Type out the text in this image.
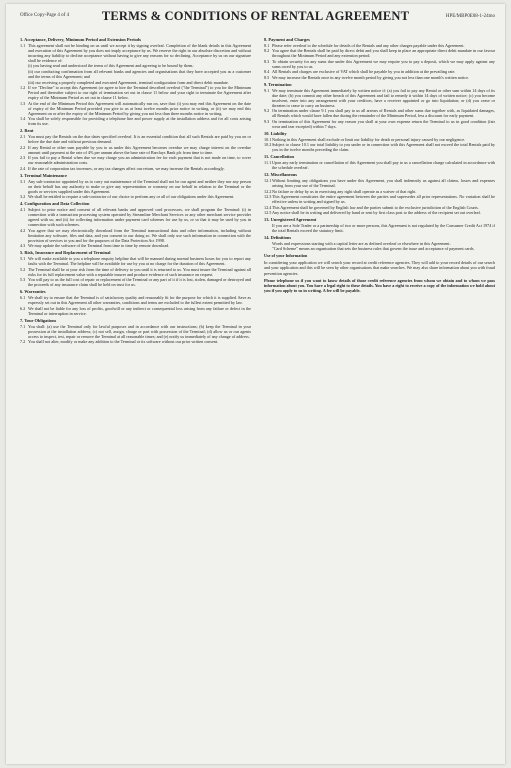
Office Copy-Page 4 of 4	TERMS & CONDITIONS OF RENTAL AGREEMENT	HPE/MBP0E08-1-24mo
1. Acceptance, Delivery, Minimum Period and Extension Periods
1.1 This agreement shall not be binding on us until we accept it by signing overleaf. Completion of the blank details in this Agreement and execution of this Agreement by you does not imply acceptance by us. We reserve the right in our absolute discretion and without incurring any liability to decline acceptance without having to give any reasons for so declining. Acceptance by us on our signature shall be evidence of:
(i) you having read and understood the terms of this Agreement and agreeing to be bound by them;
(ii) our conducting confirmation from all relevant banks and agencies and organisations that they have accepted you as a customer and the terms of this Agreement; and
(iii) our receiving a properly completed and executed Agreement, terminal configuration form and direct debit mandate.
1.2 If we "Decline" to accept this Agreement (or agree to hire the Terminal described overleaf ("the Terminal") to you for the Minimum Period and thereafter subject to our right of termination set out in clause 11 below and your right to terminate the Agreement after expiry of the Minimum Period as set out in clause 11 below.
1.3 At the end of the Minimum Period this Agreement will automatically run on, save that: (i) you may end this Agreement on the date of expiry of the Minimum Period provided you give to us at least twelve months prior notice in writing, or (ii) we may end this Agreement on or after the expiry of the Minimum Period by giving you not less than three months notice in writing.
1.4 You shall be solely responsible for providing a telephone line and power supply at the installation address and for all costs arising from its use.
2. Rent
2.1 You must pay the Rentals on the due dates specified overleaf. It is an essential condition that all such Rentals are paid by you on or before the due date and without previous demand.
2.2 If any Rental or other sum payable by you to us under this Agreement becomes overdue we may charge interest on the overdue amount until payment at the rate of 4% per annum above the base rate of Barclays Bank plc from time to time.
2.3 If you fail to pay a Rental when due we may charge you an administration fee for each payment that is not made on time, to cover our reasonable administration costs.
2.4 If the rate of corporation tax increases, or any tax changes affect our return, we may increase the Rentals accordingly.
3. Terminal Maintenance
3.1 Any sub-contractor appointed by us to carry out maintenance of the Terminal shall not be our agent and neither they nor any person on their behalf has any authority to make or give any representation or warranty on our behalf in relation to the Terminal or the goods or services supplied under this Agreement.
3.2 We shall be entitled to require a sub-contractor of our choice to perform any or all of our obligations under this Agreement.
4. Configuration and Data Collection
4.1 Subject to prior notice and consent of all relevant banks and approved card processors, we shall program the Terminal: (i) in connection with a transaction processing system operated by Streamline Merchant Services or any other merchant service provider agreed with us; and (ii) for collecting information under payment card schemes for use by us, or so that it may be used by you in connection with such schemes.
4.2 You agree that we may electronically download from the Terminal transactional data and other information, including without limitation any software, files and data, and you consent to our doing so. We shall only use such information in connection with the provision of services to you and for the purposes of the Data Protection Act 1998.
4.3 We may update the software of the Terminal from time to time by remote download.
5. Risk, Insurance and Replacement of Terminal
5.1 We will make available to you a telephone enquiry helpline that will be manned during normal business hours for you to report any faults with the Terminal. The helpline will be available for use by you at no charge for the duration of this Agreement.
5.2 The Terminal shall be at your risk from the time of delivery to you until it is returned to us. You must insure the Terminal against all risks for its full replacement value with a reputable insurer and produce evidence of such insurance on request.
5.3 You will pay to us the full cost of repair or replacement of the Terminal or any part of it if it is lost, stolen, damaged or destroyed and the proceeds of any insurance claim shall be held on trust for us.
6. Warranties
6.1 We shall try to ensure that the Terminal is of satisfactory quality and reasonably fit for the purpose for which it is supplied. Save as expressly set out in this Agreement all other warranties, conditions and terms are excluded to the fullest extent permitted by law.
6.2 We shall not be liable for any loss of profits, goodwill or any indirect or consequential loss arising from any failure or defect in the Terminal or interruption in service.
7. Your Obligations
7.1 You shall: (a) use the Terminal only for lawful purposes and in accordance with our instructions; (b) keep the Terminal in your possession at the installation address; (c) not sell, assign, charge or part with possession of the Terminal; (d) allow us or our agents access to inspect, test, repair or remove the Terminal at all reasonable times; and (e) notify us immediately of any change of address.
7.2 You shall not alter, modify or make any addition to the Terminal or its software without our prior written consent.
8. Payment and Charges
8.1 Please refer overleaf to the schedule for details of the Rentals and any other charges payable under this Agreement.
8.2 You agree that the Rentals shall be paid by direct debit and you shall keep in place an appropriate direct debit mandate in our favour throughout the Minimum Period and any extension period.
8.3 To obtain security for any sums due under this Agreement we may require you to pay a deposit, which we may apply against any sums owed by you to us.
8.4 All Rentals and charges are exclusive of VAT which shall be payable by you in addition at the prevailing rate.
8.5 We may increase the Rentals once in any twelve month period by giving you not less than one month's written notice.
9. Termination
9.1 We may terminate this Agreement immediately by written notice if: (a) you fail to pay any Rental or other sum within 14 days of its due date; (b) you commit any other breach of this Agreement and fail to remedy it within 14 days of written notice; (c) you become insolvent, enter into any arrangement with your creditors, have a receiver appointed or go into liquidation; or (d) you cease or threaten to cease to carry on business.
9.2 On termination under clause 9.1 you shall pay to us all arrears of Rentals and other sums due together with, as liquidated damages, all Rentals which would have fallen due during the remainder of the Minimum Period, less a discount for early payment.
9.3 On termination of this Agreement for any reason you shall at your own expense return the Terminal to us in good condition (fair wear and tear excepted) within 7 days.
10. Liability
10.1 Nothing in this Agreement shall exclude or limit our liability for death or personal injury caused by our negligence.
10.2 Subject to clause 10.1 our total liability to you under or in connection with this Agreement shall not exceed the total Rentals paid by you in the twelve months preceding the claim.
11. Cancellation
11.1 Upon any early termination or cancellation of this Agreement you shall pay to us a cancellation charge calculated in accordance with the schedule overleaf.
12. Miscellaneous
12.1 Without limiting any obligations you have under this Agreement, you shall indemnify us against all claims, losses and expenses arising from your use of the Terminal.
12.2 No failure or delay by us in exercising any right shall operate as a waiver of that right.
12.3 This Agreement constitutes the entire agreement between the parties and supersedes all prior representations. No variation shall be effective unless in writing and signed by us.
12.4 This Agreement shall be governed by English law and the parties submit to the exclusive jurisdiction of the English Courts.
12.5 Any notice shall be in writing and delivered by hand or sent by first class post to the address of the recipient set out overleaf.
13. Unregistered Agreement
If you are a Sole Trader or a partnership of two or more persons, this Agreement is not regulated by the Consumer Credit Act 1974 if the total Rentals exceed the statutory limit.
14. Definitions
Words and expressions starting with a capital letter are as defined overleaf or elsewhere in this Agreement.
"Card Scheme" means an organisation that sets the business rules that govern the issue and acceptance of payment cards.
Use of your Information
In considering your application we will search your record at credit reference agencies. They will add to your record details of our search and your application and this will be seen by other organisations that make searches. We may also share information about you with fraud prevention agencies.
Please telephone us if you want to know details of those credit reference agencies from whom we obtain and to whom we pass information about you. You have a legal right to these details. You have a right to receive a copy of the information we hold about you if you apply to us in writing. A fee will be payable.
